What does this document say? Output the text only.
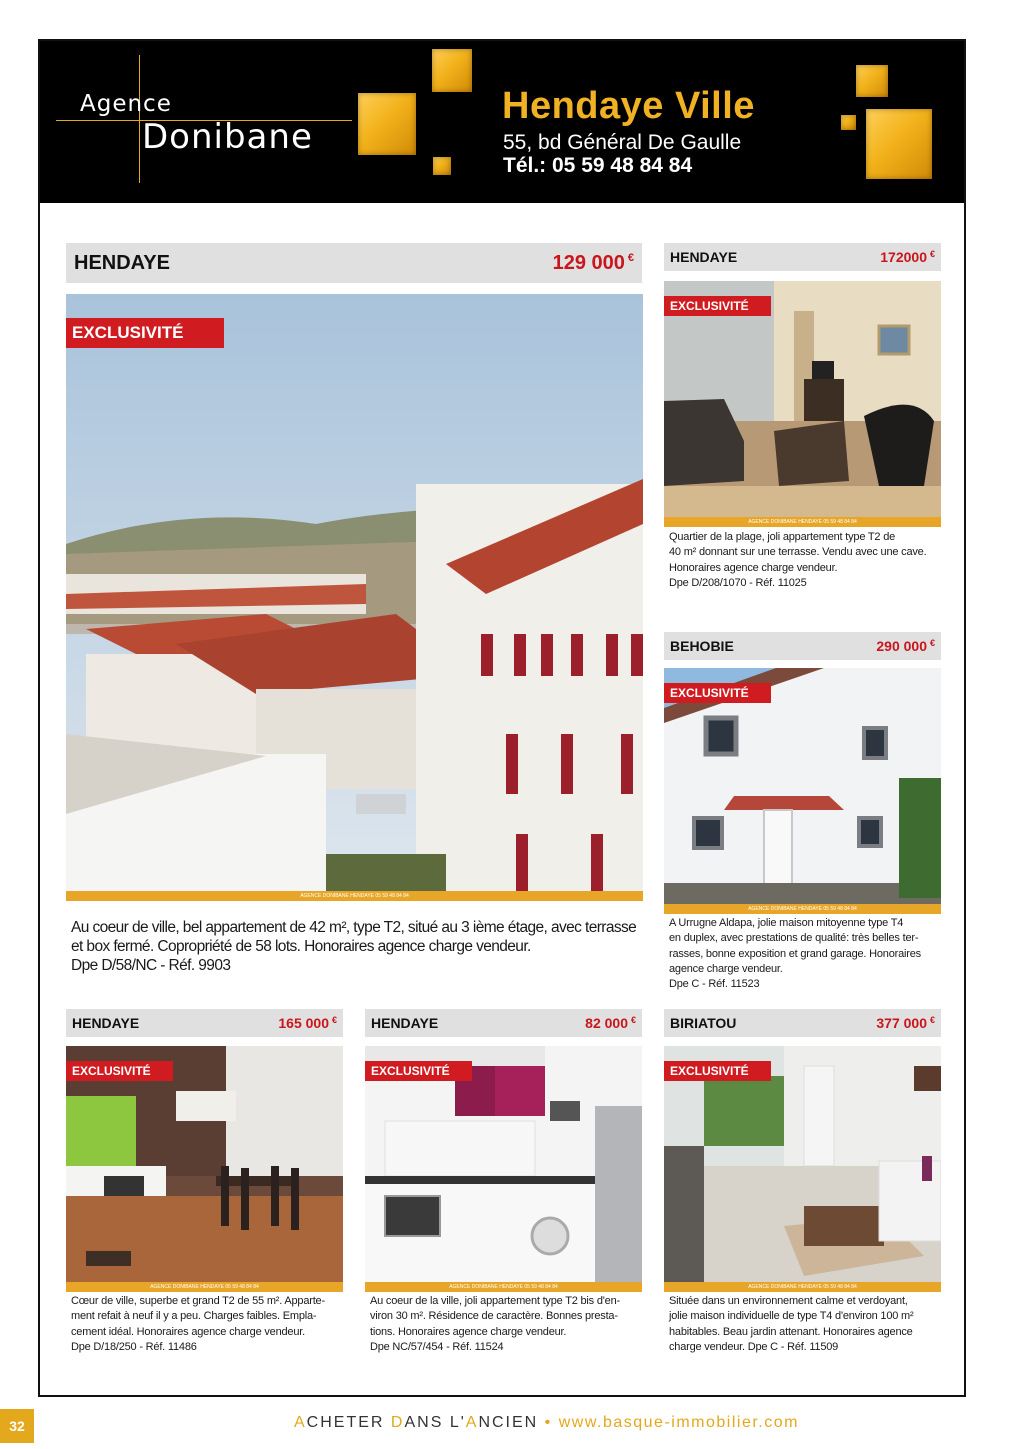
Agence
Donibane
Hendaye Ville
55, bd Général De Gaulle
Tél.: 05 59 48 84 84
HENDAYE	129 000 €
EXCLUSIVITÉ
AGENCE DONIBANE HENDAYE 05 59 48 84 84

Au coeur de ville, bel appartement de 42 m², type T2, situé au 3 ième étage, avec terrasse

et box fermé. Copropriété de 58 lots. Honoraires agence charge vendeur.

Dpe D/58/NC - Réf. 9903

HENDAYE	172000 €
EXCLUSIVITÉ
AGENCE DONIBANE HENDAYE 05 59 48 84 84

Quartier de la plage, joli appartement type T2 de

40 m² donnant sur une terrasse. Vendu avec une cave.

Honoraires agence charge vendeur.

Dpe D/208/1070 - Réf. 11025

BEHOBIE	290 000 €
EXCLUSIVITÉ
AGENCE DONIBANE HENDAYE 05 59 48 84 84

A Urrugne Aldapa, jolie maison mitoyenne type T4

en duplex, avec prestations de qualité: très belles ter-

rasses, bonne exposition et grand garage. Honoraires

agence charge vendeur.

Dpe C - Réf. 11523

HENDAYE	165 000 €
EXCLUSIVITÉ
AGENCE DONIBANE HENDAYE 05 59 48 84 84

Cœur de ville, superbe et grand T2 de 55 m². Apparte-

ment refait à neuf il y a peu. Charges faibles. Empla-

cement idéal. Honoraires agence charge vendeur.

Dpe D/18/250 - Réf. 11486

HENDAYE	82 000 €
EXCLUSIVITÉ
AGENCE DONIBANE HENDAYE 05 59 48 84 84

Au coeur de la ville, joli appartement type T2 bis d'en-

viron 30 m². Résidence de caractère. Bonnes presta-

tions. Honoraires agence charge vendeur.

Dpe NC/57/454 - Réf. 11524

BIRIATOU	377 000 €
EXCLUSIVITÉ
AGENCE DONIBANE HENDAYE 05 59 48 84 84

Située dans un environnement calme et verdoyant,

jolie maison individuelle de type T4 d'environ 100 m²

habitables. Beau jardin attenant. Honoraires agence

charge vendeur. Dpe C - Réf. 11509

32	ACHETER DANS L'ANCIEN • www.basque-immobilier.com
